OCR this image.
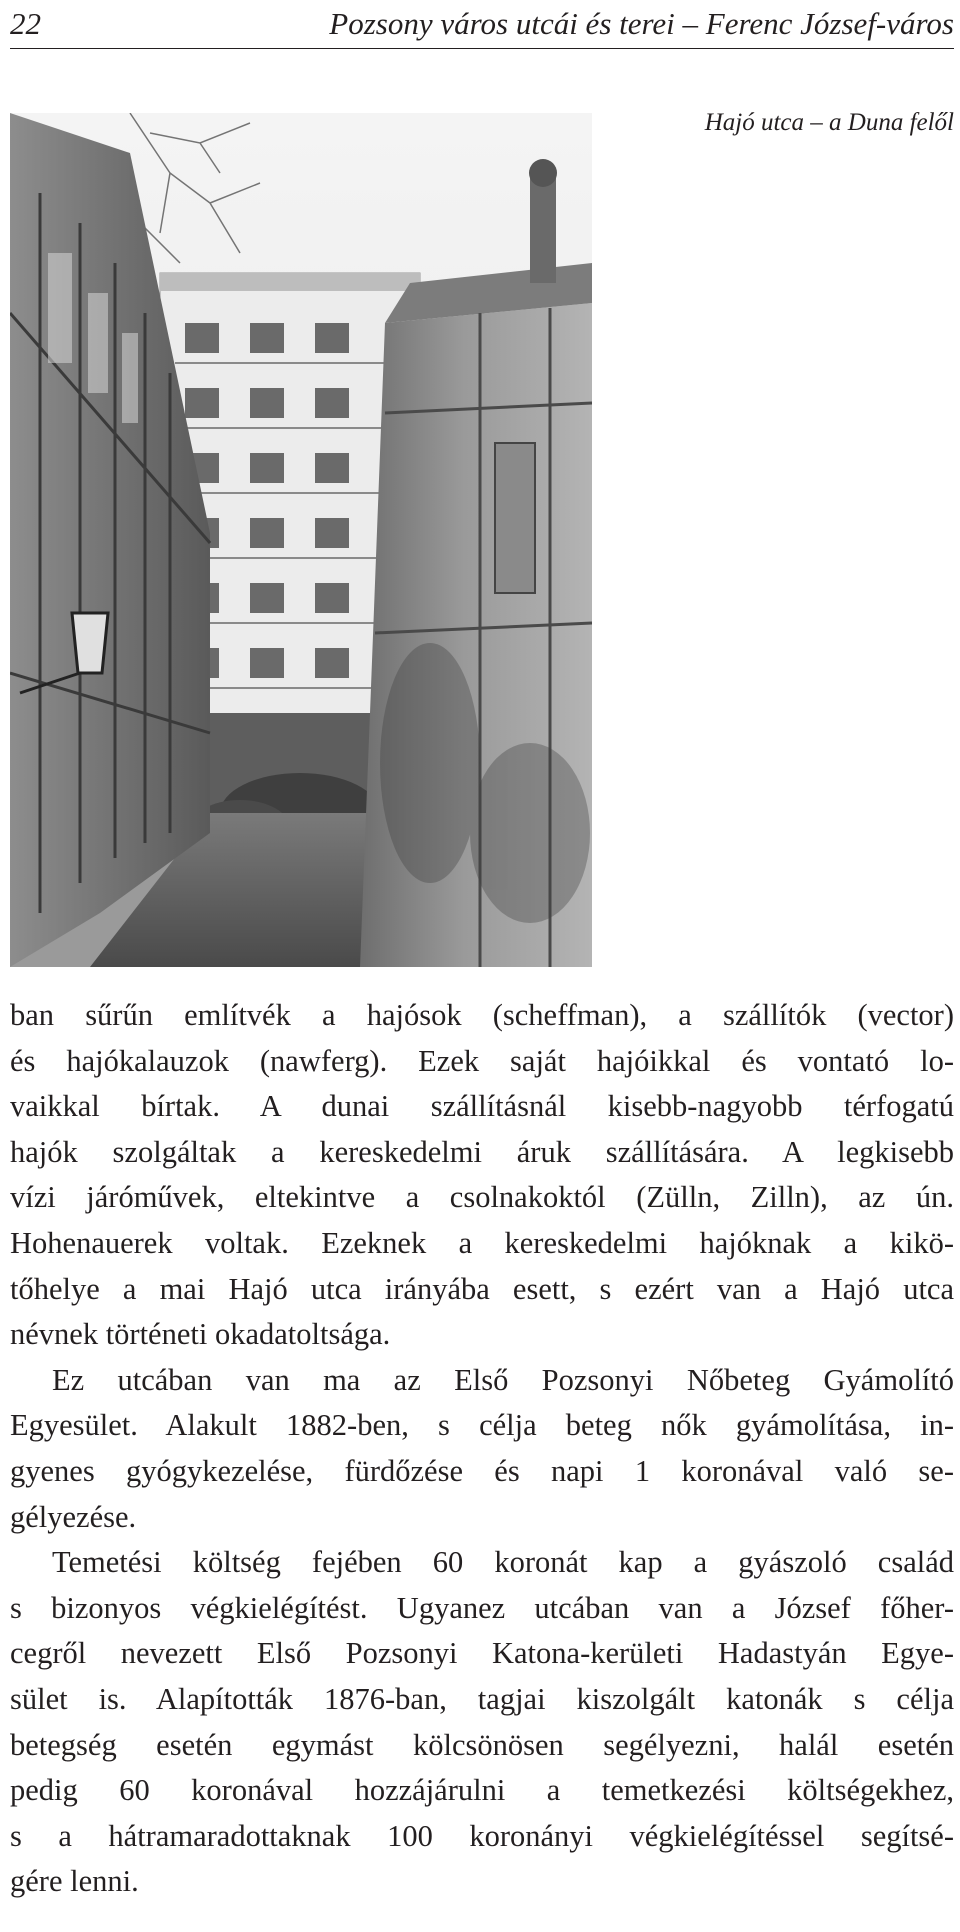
22	Pozsony város utcái és terei – Ferenc József-város
Hajó utca – a Duna felől
ban sűrűn említvék a hajósok (scheffman), a szállítók (vector)
és hajókalauzok (nawferg). Ezek saját hajóikkal és vontató lo-
vaikkal bírtak. A dunai szállításnál kisebb-nagyobb térfogatú
hajók szolgáltak a kereskedelmi áruk szállítására. A legkisebb
vízi járóművek, eltekintve a csolnakoktól (Zülln, Zilln), az ún.
Hohenauerek voltak. Ezeknek a kereskedelmi hajóknak a kikö-
tőhelye a mai Hajó utca irányába esett, s ezért van a Hajó utca
névnek történeti okadatoltsága.
Ez utcában van ma az Első Pozsonyi Nőbeteg Gyámolító
Egyesület. Alakult 1882-ben, s célja beteg nők gyámolítása, in-
gyenes gyógykezelése, fürdőzése és napi 1 koronával való se-
gélyezése.
Temetési költség fejében 60 koronát kap a gyászoló család
s bizonyos végkielégítést. Ugyanez utcában van a József főher-
cegről nevezett Első Pozsonyi Katona-kerületi Hadastyán Egye-
sület is. Alapították 1876-ban, tagjai kiszolgált katonák s célja
betegség esetén egymást kölcsönösen segélyezni, halál esetén
pedig 60 koronával hozzájárulni a temetkezési költségekhez,
s a hátramaradottaknak 100 koronányi végkielégítéssel segítsé-
gére lenni.
